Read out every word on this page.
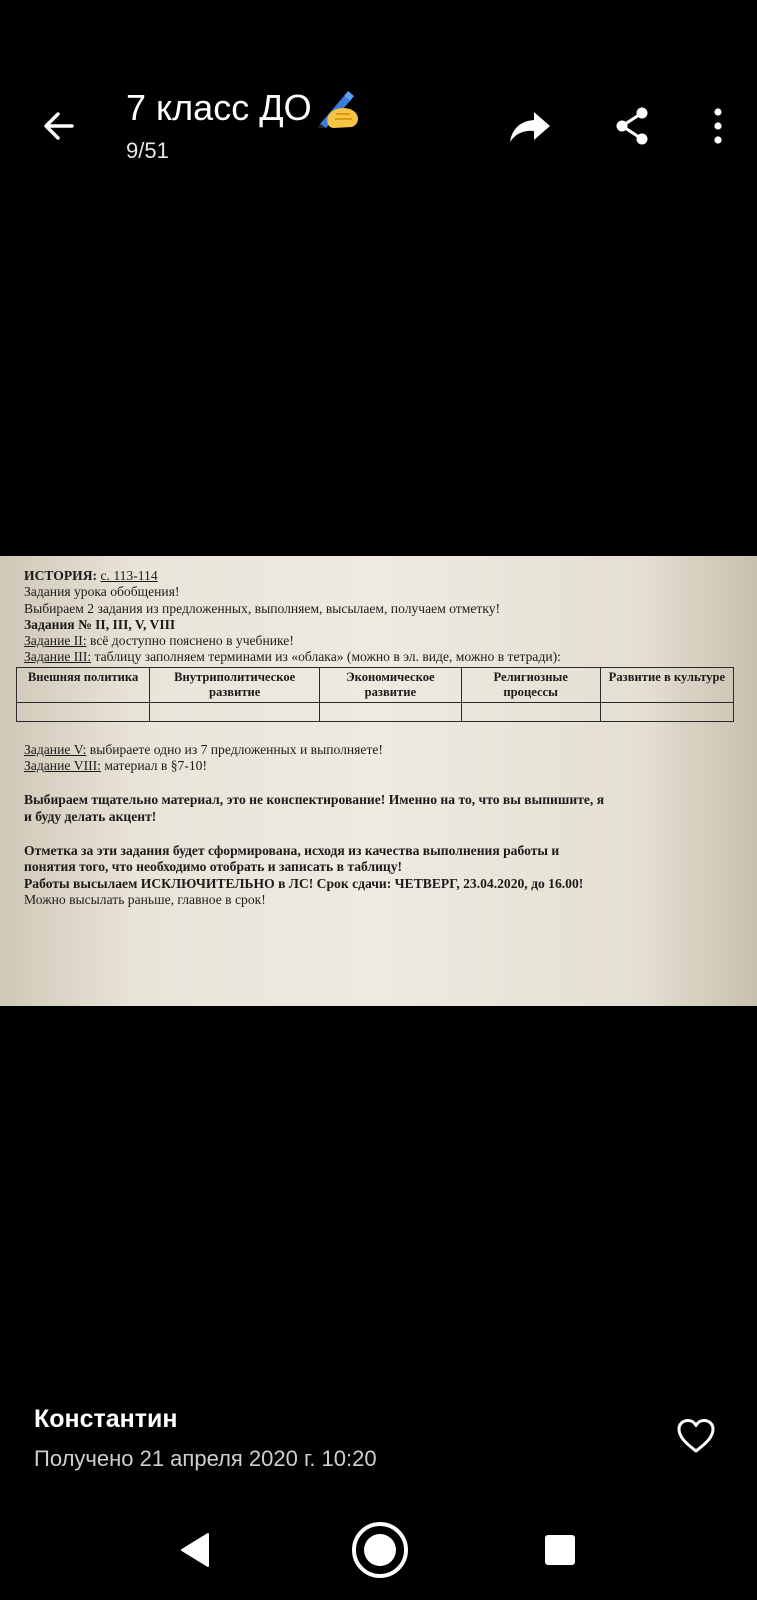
7 класс ДО
9/51
ИСТОРИЯ: с. 113-114
Задания урока обобщения!
Выбираем 2 задания из предложенных, выполняем, высылаем, получаем отметку!
Задания № II, III, V, VIII
Задание II: всё доступно пояснено в учебнике!
Задание III: таблицу заполняем терминами из «облака» (можно в эл. виде, можно в тетради):
Внешняя политика	Внутриполитическое развитие	Экономическое развитие	Религиозные процессы	Развитие в культуре

Задание V: выбираете одно из 7 предложенных и выполняете!
Задание VIII: материал в §7-10!
Выбираем тщательно материал, это не конспектирование! Именно на то, что вы выпишите, я
и буду делать акцент!
Отметка за эти задания будет сформирована, исходя из качества выполнения работы и
понятия того, что необходимо отобрать и записать в таблицу!
Работы высылаем ИСКЛЮЧИТЕЛЬНО в ЛС! Срок сдачи: ЧЕТВЕРГ, 23.04.2020, до 16.00!
Можно высылать раньше, главное в срок!
Константин
Получено 21 апреля 2020 г. 10:20
